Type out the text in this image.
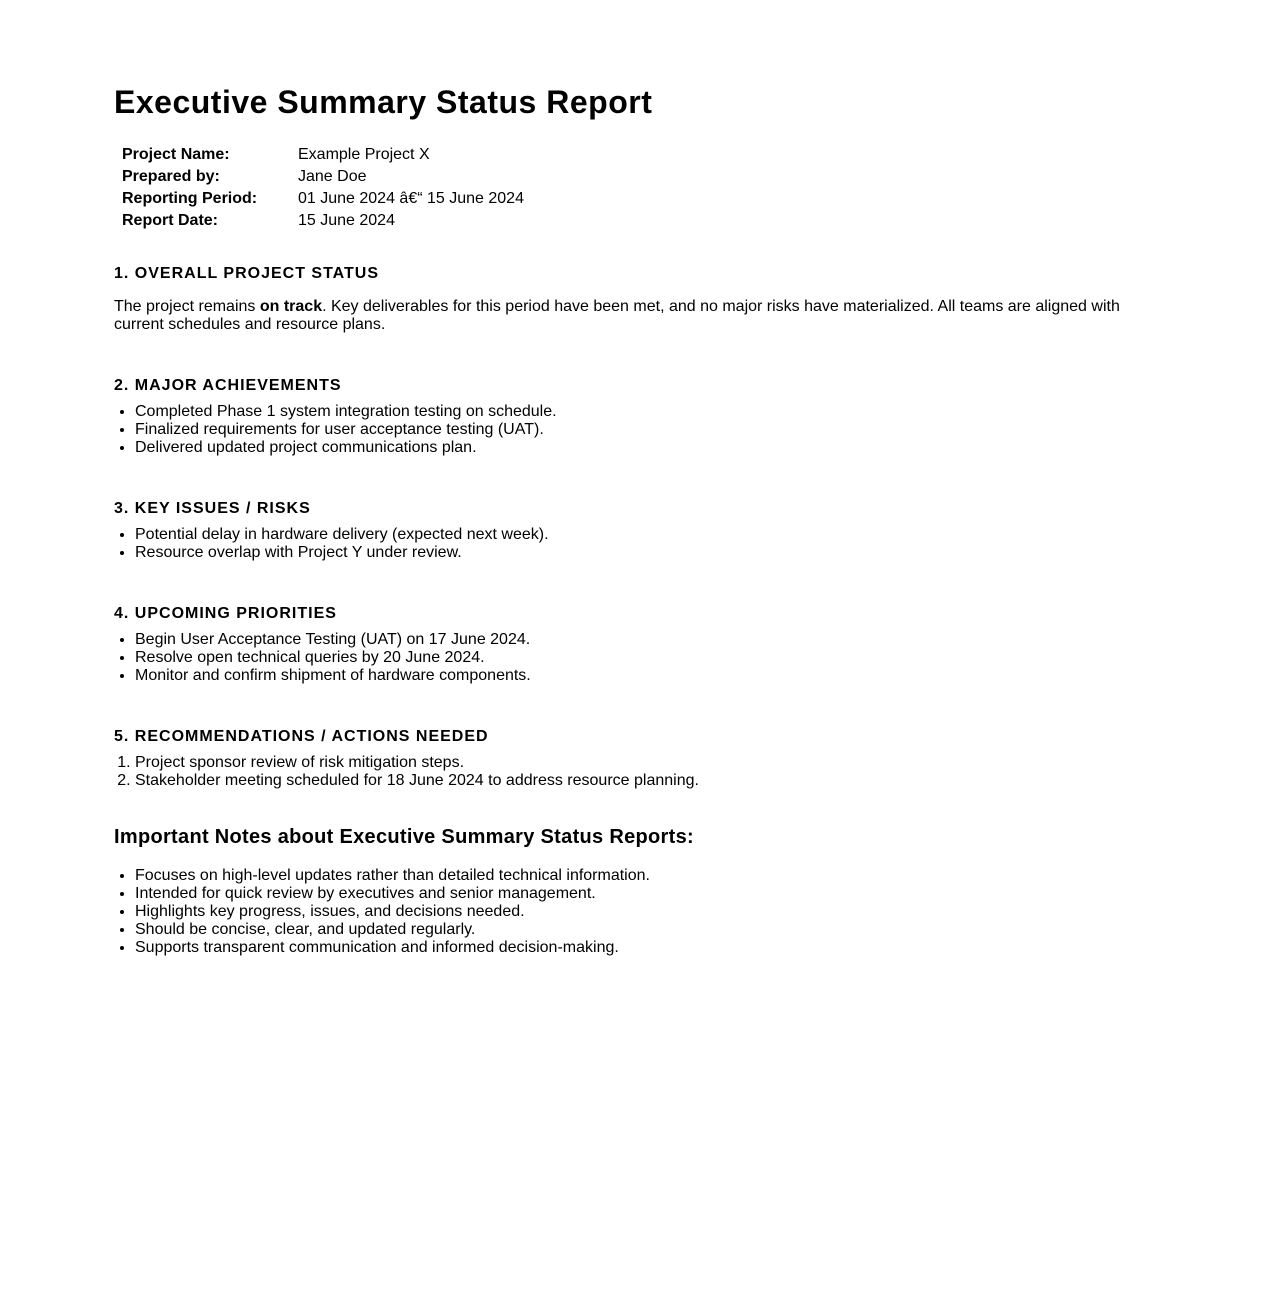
Executive Summary Status Report
Project Name:	Example Project X
Prepared by:	Jane Doe
Reporting Period:	01 June 2024 â€“ 15 June 2024
Report Date:	15 June 2024
1. OVERALL PROJECT STATUS

The project remains on track. Key deliverables for this period have been met, and no major risks have materialized. All teams are aligned with current schedules and resource plans.

2. MAJOR ACHIEVEMENTS
• Completed Phase 1 system integration testing on schedule.
• Finalized requirements for user acceptance testing (UAT).
• Delivered updated project communications plan.
3. KEY ISSUES / RISKS
• Potential delay in hardware delivery (expected next week).
• Resource overlap with Project Y under review.
4. UPCOMING PRIORITIES
• Begin User Acceptance Testing (UAT) on 17 June 2024.
• Resolve open technical queries by 20 June 2024.
• Monitor and confirm shipment of hardware components.
5. RECOMMENDATIONS / ACTIONS NEEDED
1. Project sponsor review of risk mitigation steps.
2. Stakeholder meeting scheduled for 18 June 2024 to address resource planning.
Important Notes about Executive Summary Status Reports:
• Focuses on high-level updates rather than detailed technical information.
• Intended for quick review by executives and senior management.
• Highlights key progress, issues, and decisions needed.
• Should be concise, clear, and updated regularly.
• Supports transparent communication and informed decision-making.
